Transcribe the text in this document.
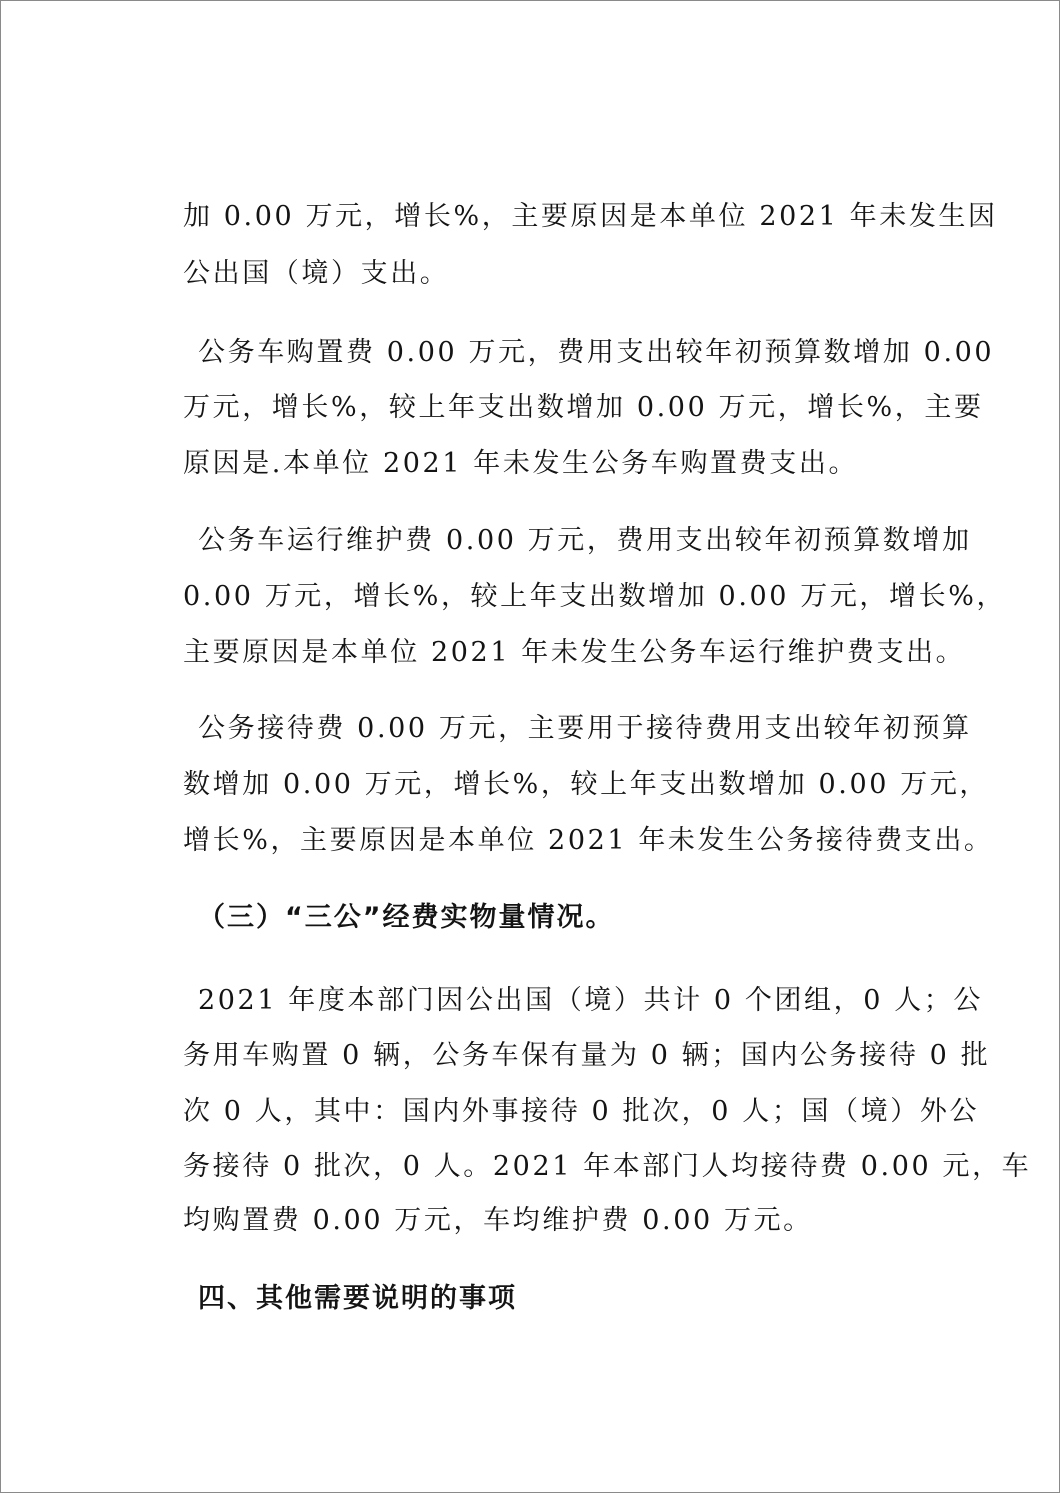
加 0.00 万元，增长%，主要原因是本单位 2021 年未发生因
公出国（境）支出。
公务车购置费 0.00 万元，费用支出较年初预算数增加 0.00
万元，增长%，较上年支出数增加 0.00 万元，增长%，主要
原因是.本单位 2021 年未发生公务车购置费支出。
公务车运行维护费 0.00 万元，费用支出较年初预算数增加
0.00 万元，增长%，较上年支出数增加 0.00 万元，增长%，
主要原因是本单位 2021 年未发生公务车运行维护费支出。
公务接待费 0.00 万元，主要用于接待费用支出较年初预算
数增加 0.00 万元，增长%，较上年支出数增加 0.00 万元，
增长%，主要原因是本单位 2021 年未发生公务接待费支出。
（三）“三公”经费实物量情况。
2021 年度本部门因公出国（境）共计 0 个团组，0 人；公
务用车购置 0 辆，公务车保有量为 0 辆；国内公务接待 0 批
次 0 人，其中：国内外事接待 0 批次，0 人；国（境）外公
务接待 0 批次，0 人。2021 年本部门人均接待费 0.00 元，车
均购置费 0.00 万元，车均维护费 0.00 万元。
四、其他需要说明的事项
